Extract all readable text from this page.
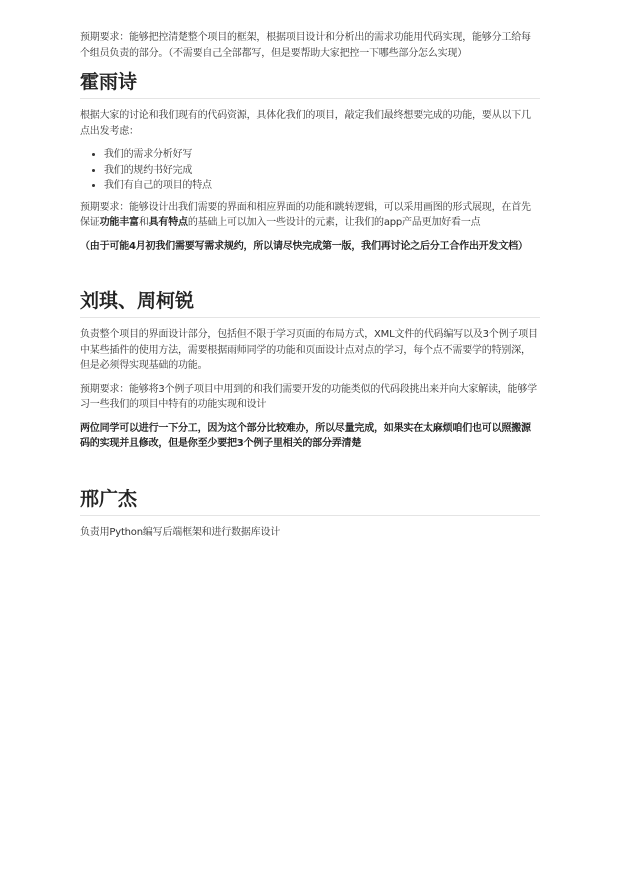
预期要求：能够把控清楚整个项目的框架，根据项目设计和分析出的需求功能用代码实现，能够分工给每个组员负责的部分。（不需要自己全部都写，但是要帮助大家把控一下哪些部分怎么实现）

霍雨诗

根据大家的讨论和我们现有的代码资源，具体化我们的项目，敲定我们最终想要完成的功能，要从以下几点出发考虑：

• 我们的需求分析好写
• 我们的规约书好完成
• 我们有自己的项目的特点

预期要求：能够设计出我们需要的界面和相应界面的功能和跳转逻辑，可以采用画图的形式展现，在首先保证功能丰富和具有特点的基础上可以加入一些设计的元素，让我们的app产品更加好看一点

（由于可能4月初我们需要写需求规约，所以请尽快完成第一版，我们再讨论之后分工合作出开发文档）

刘琪、周柯锐

负责整个项目的界面设计部分，包括但不限于学习页面的布局方式，XML文件的代码编写以及3个例子项目中某些插件的使用方法，需要根据雨师同学的功能和页面设计点对点的学习，每个点不需要学的特别深，但是必须得实现基础的功能。

预期要求：能够将3个例子项目中用到的和我们需要开发的功能类似的代码段挑出来并向大家解读，能够学习一些我们的项目中特有的功能实现和设计

两位同学可以进行一下分工，因为这个部分比较难办，所以尽量完成，如果实在太麻烦咱们也可以照搬源码的实现并且修改，但是你至少要把3个例子里相关的部分弄清楚

邢广杰

负责用Python编写后端框架和进行数据库设计
